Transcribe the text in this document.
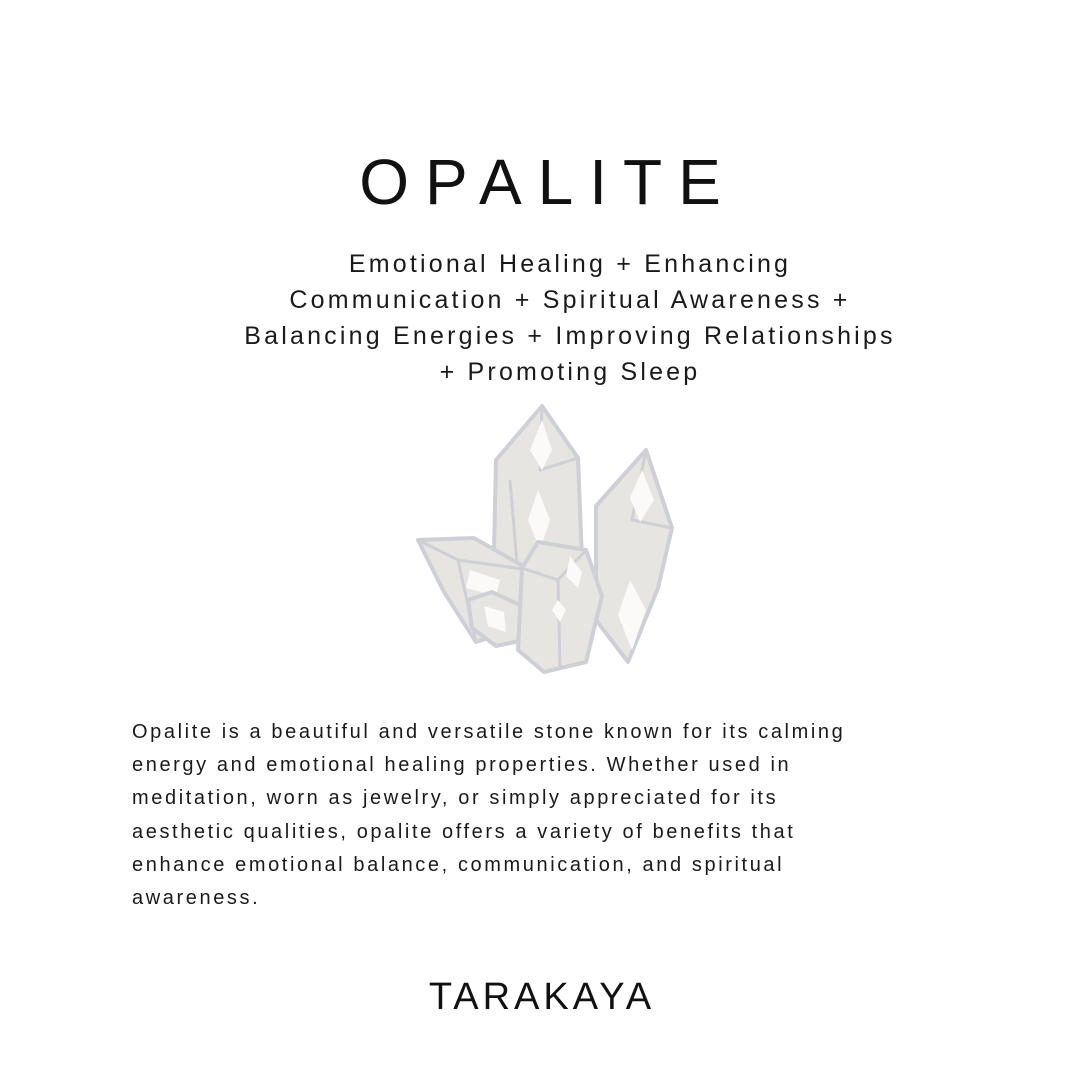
OPALITE
Emotional Healing + Enhancing
Communication + Spiritual Awareness +
Balancing Energies + Improving Relationships
+ Promoting Sleep
Opalite is a beautiful and versatile stone known for its calming
energy and emotional healing properties. Whether used in
meditation, worn as jewelry, or simply appreciated for its
aesthetic qualities, opalite offers a variety of benefits that
enhance emotional balance, communication, and spiritual
awareness.
TARAKAYA
